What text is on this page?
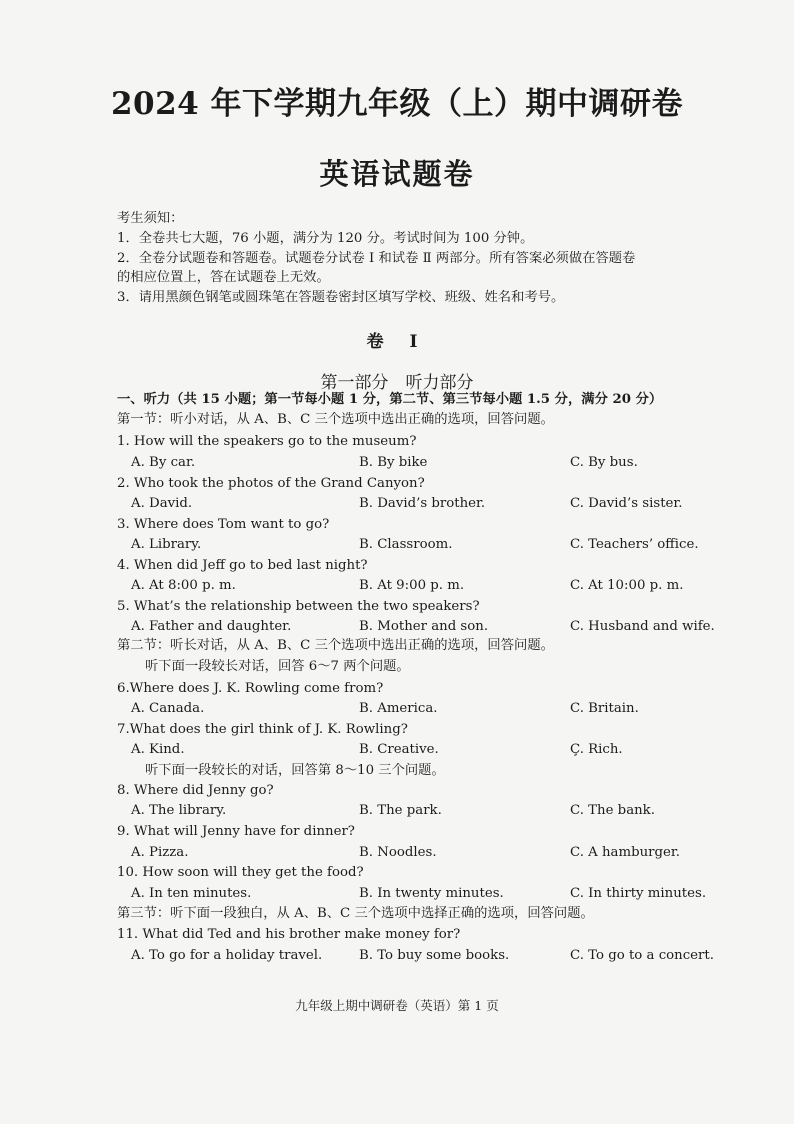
2024 年下学期九年级（上）期中调研卷
英语试题卷
考生须知：
1．全卷共七大题，76 小题，满分为 120 分。考试时间为 100 分钟。
2．全卷分试题卷和答题卷。试题卷分试卷 Ⅰ 和试卷 Ⅱ 两部分。所有答案必须做在答题卷
的相应位置上，答在试题卷上无效。
3．请用黑颜色钢笔或圆珠笔在答题卷密封区填写学校、班级、姓名和考号。
卷 I
第一部分　听力部分
一、听力（共 15 小题；第一节每小题 1 分，第二节、第三节每小题 1.5 分，满分 20 分）
第一节：听小对话，从 A、B、C 三个选项中选出正确的选项，回答问题。
1. How will the speakers go to the museum?
A. By car.	B. By bike	C. By bus.
2. Who took the photos of the Grand Canyon?
A. David.	B. David’s brother.	C. David’s sister.
3. Where does Tom want to go?
A. Library.	B. Classroom.	C. Teachers’ office.
4. When did Jeff go to bed last night?
A. At 8:00 p. m.	B. At 9:00 p. m.	C. At 10:00 p. m.
5. What’s the relationship between the two speakers?
A. Father and daughter.	B. Mother and son.	C. Husband and wife.
第二节：听长对话，从 A、B、C 三个选项中选出正确的选项，回答问题。
听下面一段较长对话，回答 6～7 两个问题。
6.Where does J. K. Rowling come from?
A. Canada.	B. America.	C. Britain.
7.What does the girl think of J. K. Rowling?
A. Kind.	B. Creative.	Ç. Rich.
听下面一段较长的对话，回答第 8～10 三个问题。
8. Where did Jenny go?
A. The library.	B. The park.	C. The bank.
9. What will Jenny have for dinner?
A. Pizza.	B. Noodles.	C. A hamburger.
10. How soon will they get the food?
A. In ten minutes.	B. In twenty minutes.	C. In thirty minutes.
第三节：听下面一段独白，从 A、B、C 三个选项中选择正确的选项，回答问题。
11. What did Ted and his brother make money for?
A. To go for a holiday travel.	B. To buy some books.	C. To go to a concert.
九年级上期中调研卷（英语）第 1 页
